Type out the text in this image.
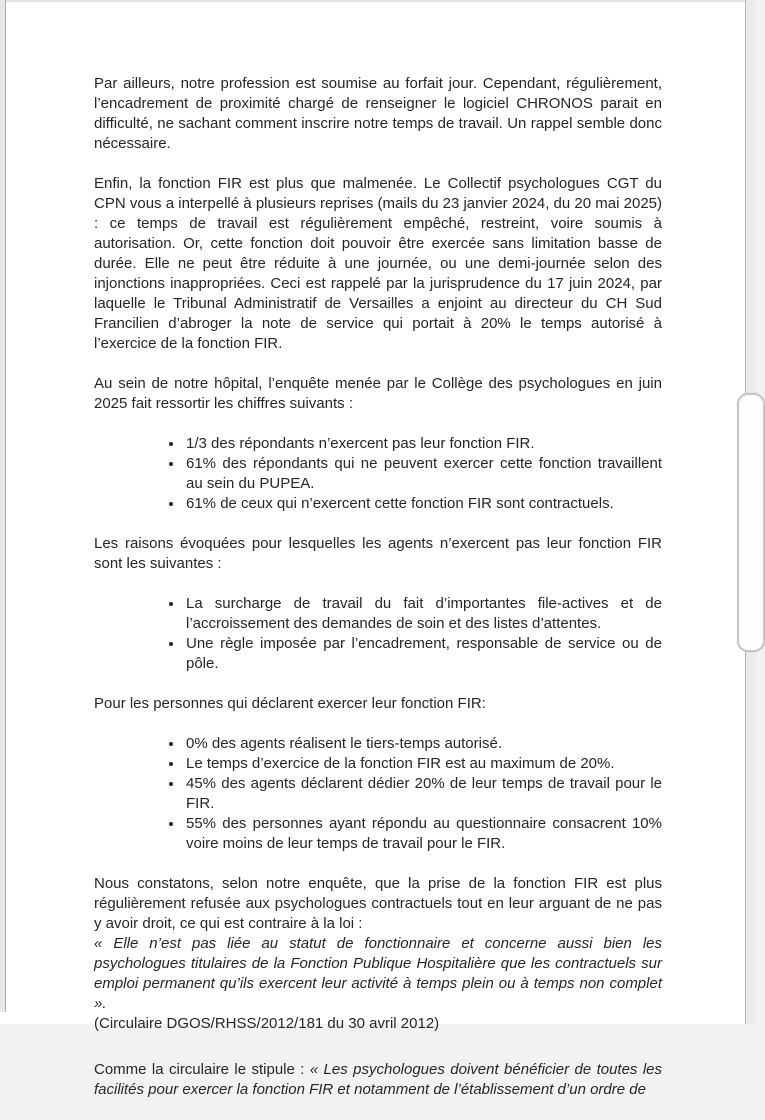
Par ailleurs, notre profession est soumise au forfait jour. Cependant, régulièrement, l’encadrement de proximité chargé de renseigner le logiciel CHRONOS parait en difficulté, ne sachant comment inscrire notre temps de travail. Un rappel semble donc nécessaire.

Enfin, la fonction FIR est plus que malmenée. Le Collectif psychologues CGT du CPN vous a interpellé à plusieurs reprises (mails du 23 janvier 2024, du 20 mai 2025) : ce temps de travail est régulièrement empêché, restreint, voire soumis à autorisation. Or, cette fonction doit pouvoir être exercée sans limitation basse de durée. Elle ne peut être réduite à une journée, ou une demi-journée selon des injonctions inappropriées. Ceci est rappelé par la jurisprudence du 17 juin 2024, par laquelle le Tribunal Administratif de Versailles a enjoint au directeur du CH Sud Francilien d’abroger la note de service qui portait à 20% le temps autorisé à l’exercice de la fonction FIR.

Au sein de notre hôpital, l’enquête menée par le Collège des psychologues en juin 2025 fait ressortir les chiffres suivants :

• 1/3 des répondants n’exercent pas leur fonction FIR.
• 61% des répondants qui ne peuvent exercer cette fonction travaillent au sein du PUPEA.
• 61% de ceux qui n’exercent cette fonction FIR sont contractuels.

Les raisons évoquées pour lesquelles les agents n’exercent pas leur fonction FIR sont les suivantes :

• La surcharge de travail du fait d’importantes file-actives et de l’accroissement des demandes de soin et des listes d’attentes.
• Une règle imposée par l’encadrement, responsable de service ou de pôle.

Pour les personnes qui déclarent exercer leur fonction FIR:

• 0% des agents réalisent le tiers-temps autorisé.
• Le temps d’exercice de la fonction FIR est au maximum de 20%.
• 45% des agents déclarent dédier 20% de leur temps de travail pour le FIR.
• 55% des personnes ayant répondu au questionnaire consacrent 10% voire moins de leur temps de travail pour le FIR.

Nous constatons, selon notre enquête, que la prise de la fonction FIR est plus régulièrement refusée aux psychologues contractuels tout en leur arguant de ne pas y avoir droit, ce qui est contraire à la loi :

« Elle n’est pas liée au statut de fonctionnaire et concerne aussi bien les psychologues titulaires de la Fonction Publique Hospitalière que les contractuels sur emploi permanent qu’ils exercent leur activité à temps plein ou à temps non complet ».

(Circulaire DGOS/RHSS/2012/181 du 30 avril 2012)

Comme la circulaire le stipule : « Les psychologues doivent bénéficier de toutes les facilités pour exercer la fonction FIR et notamment de l’établissement d’un ordre de
